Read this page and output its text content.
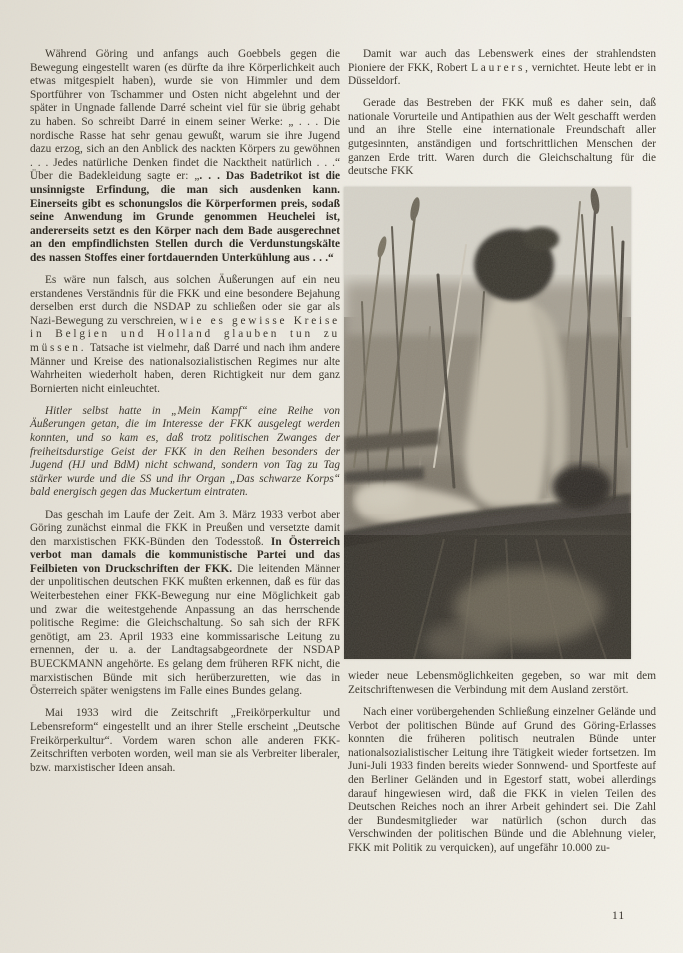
Während Göring und anfangs auch Goebbels gegen die Bewegung eingestellt waren (es dürfte da ihre Körperlichkeit auch etwas mitgespielt haben), wurde sie von Himmler und dem Sportführer von Tschammer und Osten nicht abgelehnt und der später in Ungnade fallende Darré scheint viel für sie übrig gehabt zu haben. So schreibt Darré in einem seiner Werke: „ . . . Die nordische Rasse hat sehr genau gewußt, warum sie ihre Jugend dazu erzog, sich an den Anblick des nackten Körpers zu gewöhnen . . . Jedes natürliche Denken findet die Nacktheit natürlich . . .“ Über die Badekleidung sagte er: „. . . Das Badetrikot ist die unsinnigste Erfindung, die man sich ausdenken kann. Einerseits gibt es schonungslos die Körperformen preis, sodaß seine Anwendung im Grunde genommen Heuchelei ist, andererseits setzt es den Körper nach dem Bade ausgerechnet an den empfindlichsten Stellen durch die Verdunstungskälte des nassen Stoffes einer fortdauernden Unterkühlung aus . . .“

Es wäre nun falsch, aus solchen Äußerungen auf ein neu erstandenes Verständnis für die FKK und eine besondere Bejahung derselben erst durch die NSDAP zu schließen oder sie gar als Nazi-Bewegung zu verschreien, wie es gewisse Kreise in Belgien und Holland glauben tun zu müssen. Tatsache ist vielmehr, daß Darré und nach ihm andere Männer und Kreise des nationalsozialistischen Regimes nur alte Wahrheiten wiederholt haben, deren Richtigkeit nur dem ganz Bornierten nicht einleuchtet.

Hitler selbst hatte in „Mein Kampf“ eine Reihe von Äußerungen getan, die im Interesse der FKK ausgelegt werden konnten, und so kam es, daß trotz politischen Zwanges der freiheitsdurstige Geist der FKK in den Reihen besonders der Jugend (HJ und BdM) nicht schwand, sondern von Tag zu Tag stärker wurde und die SS und ihr Organ „Das schwarze Korps“ bald energisch gegen das Muckertum eintraten.

Das geschah im Laufe der Zeit. Am 3. März 1933 verbot aber Göring zunächst einmal die FKK in Preußen und versetzte damit den marxistischen FKK-Bünden den Todesstoß. In Österreich verbot man damals die kommunistische Partei und das Feilbieten von Druckschriften der FKK. Die leitenden Männer der unpolitischen deutschen FKK mußten erkennen, daß es für das Weiterbestehen einer FKK-Bewegung nur eine Möglichkeit gab und zwar die weitestgehende Anpassung an das herrschende politische Regime: die Gleichschaltung. So sah sich der RFK genötigt, am 23. April 1933 eine kommissarische Leitung zu ernennen, der u. a. der Landtagsabgeordnete der NSDAP BUECKMANN angehörte. Es gelang dem früheren RFK nicht, die marxistischen Bünde mit sich herüberzuretten, wie das in Österreich später wenigstens im Falle eines Bundes gelang.

Mai 1933 wird die Zeitschrift „Freikörperkultur und Lebensreform“ eingestellt und an ihrer Stelle erscheint „Deutsche Freikörperkultur“. Vordem waren schon alle anderen FKK-Zeitschriften verboten worden, weil man sie als Verbreiter liberaler, bzw. marxistischer Ideen ansah.

Damit war auch das Lebenswerk eines der strahlendsten Pioniere der FKK, Robert Laurers, vernichtet. Heute lebt er in Düsseldorf.

Gerade das Bestreben der FKK muß es daher sein, daß nationale Vorurteile und Antipathien aus der Welt geschafft werden und an ihre Stelle eine internationale Freundschaft aller gutgesinnten, anständigen und fortschrittlichen Menschen der ganzen Erde tritt. Waren durch die Gleichschaltung für die deutsche FKK

wieder neue Lebensmöglichkeiten gegeben, so war mit dem Zeitschriftenwesen die Verbindung mit dem Ausland zerstört.

Nach einer vorübergehenden Schließung einzelner Gelände und Verbot der politischen Bünde auf Grund des Göring-Erlasses konnten die früheren politisch neutralen Bünde unter nationalsozialistischer Leitung ihre Tätigkeit wieder fortsetzen. Im Juni-Juli 1933 finden bereits wieder Sonnwend- und Sportfeste auf den Berliner Geländen und in Egestorf statt, wobei allerdings darauf hingewiesen wird, daß die FKK in vielen Teilen des Deutschen Reiches noch an ihrer Arbeit gehindert sei. Die Zahl der Bundesmitglieder war natürlich (schon durch das Verschwinden der politischen Bünde und die Ablehnung vieler, FKK mit Politik zu verquicken), auf ungefähr 10.000 zu-

11
